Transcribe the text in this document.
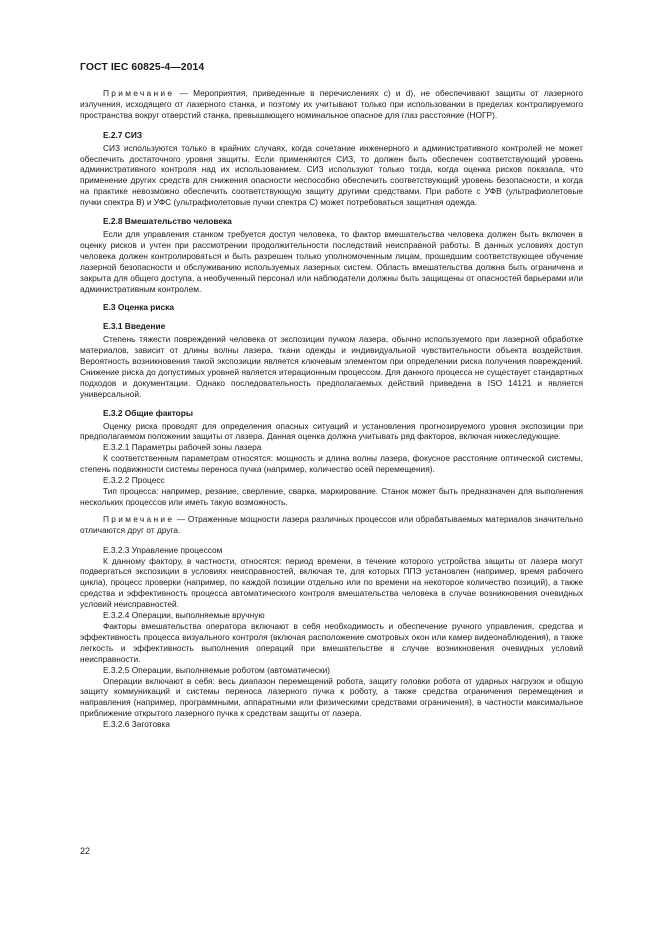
ГОСТ IEC 60825-4—2014

Примечание — Мероприятия, приведенные в перечислениях c) и d), не обеспечивают защиты от лазерного излучения, исходящего от лазерного станка, и поэтому их учитывают только при использовании в пределах контролируемого пространства вокруг отверстий станка, превышающего номинальное опасное для глаз расстояние (НОГР).

Е.2.7 СИЗ

СИЗ используются только в крайних случаях, когда сочетание инженерного и административного контролей не может обеспечить достаточного уровня защиты. Если применяются СИЗ, то должен быть обеспечен соответствующий уровень административного контроля над их использованием. СИЗ используют только тогда, когда оценка рисков показала, что применение других средств для снижения опасности неспособно обеспечить соответствующий уровень безопасности, и когда на практике невозможно обеспечить соответствующую защиту другими средствами. При работе с УФВ (ультрафиолетовые пучки спектра В) и УФС (ультрафиолетовые пучки спектра С) может потребоваться защитная одежда.

Е.2.8 Вмешательство человека

Если для управления станком требуется доступ человека, то фактор вмешательства человека должен быть включен в оценку рисков и учтен при рассмотрении продолжительности последствий неисправной работы. В данных условиях доступ человека должен контролироваться и быть разрешен только уполномоченным лицам, прошедшим соответствующее обучение лазерной безопасности и обслуживанию используемых лазерных систем. Область вмешательства должна быть ограничена и закрыта для общего доступа, а необученный персонал или наблюдатели должны быть защищены от опасностей барьерами или административным контролем.

Е.3 Оценка риска

Е.3.1 Введение

Степень тяжести повреждений человека от экспозиции пучком лазера, обычно используемого при лазерной обработке материалов, зависит от длины волны лазера, ткани одежды и индивидуальной чувствительности объекта воздействия. Вероятность возникновения такой экспозиции является ключевым элементом при определении риска получения повреждений. Снижение риска до допустимых уровней является итерационным процессом. Для данного процесса не существует стандартных подходов и документации. Однако последовательность предполагаемых действий приведена в ISO 14121 и является универсальной.

Е.3.2 Общие факторы

Оценку риска проводят для определения опасных ситуаций и установления прогнозируемого уровня экспозиции при предполагаемом положении защиты от лазера. Данная оценка должна учитывать ряд факторов, включая нижеследующие.

Е.3.2.1 Параметры рабочей зоны лазера

К соответственным параметрам относятся: мощность и длина волны лазера, фокусное расстояние оптической системы, степень подвижности системы переноса пучка (например, количество осей перемещения).

Е.3.2.2 Процесс

Тип процесса: например, резание, сверление, сварка, маркирование. Станок может быть предназначен для выполнения нескольких процессов или иметь такую возможность.

Примечание — Отраженные мощности лазера различных процессов или обрабатываемых материалов значительно отличаются друг от друга.

Е.3.2.3 Управление процессом

К данному фактору, в частности, относятся: период времени, в течение которого устройства защиты от лазера могут подвергаться экспозиции в условиях неисправностей, включая те, для которых ППЭ установлен (например, время рабочего цикла), процесс проверки (например, по каждой позиции отдельно или по времени на некоторое количество позиций), а также средства и эффективность процесса автоматического контроля вмешательства человека в случае возникновения очевидных условий неисправностей.

Е.3.2.4 Операции, выполняемые вручную

Факторы вмешательства оператора включают в себя необходимость и обеспечение ручного управления, средства и эффективность процесса визуального контроля (включая расположение смотровых окон или камер видеонаблюдения), а также легкость и эффективность выполнения операций при вмешательстве в случае возникновения очевидных условий неисправности.

Е.3.2.5 Операции, выполняемые роботом (автоматически)

Операции включают в себя: весь диапазон перемещений робота, защиту головки робота от ударных нагрузок и общую защиту коммуникаций и системы переноса лазерного пучка к роботу, а также средства ограничения перемещения и направления (например, программными, аппаратными или физическими средствами ограничения), в частности максимальное приближение открытого лазерного пучка к средствам защиты от лазера.

Е.3.2.6 Заготовка

22
